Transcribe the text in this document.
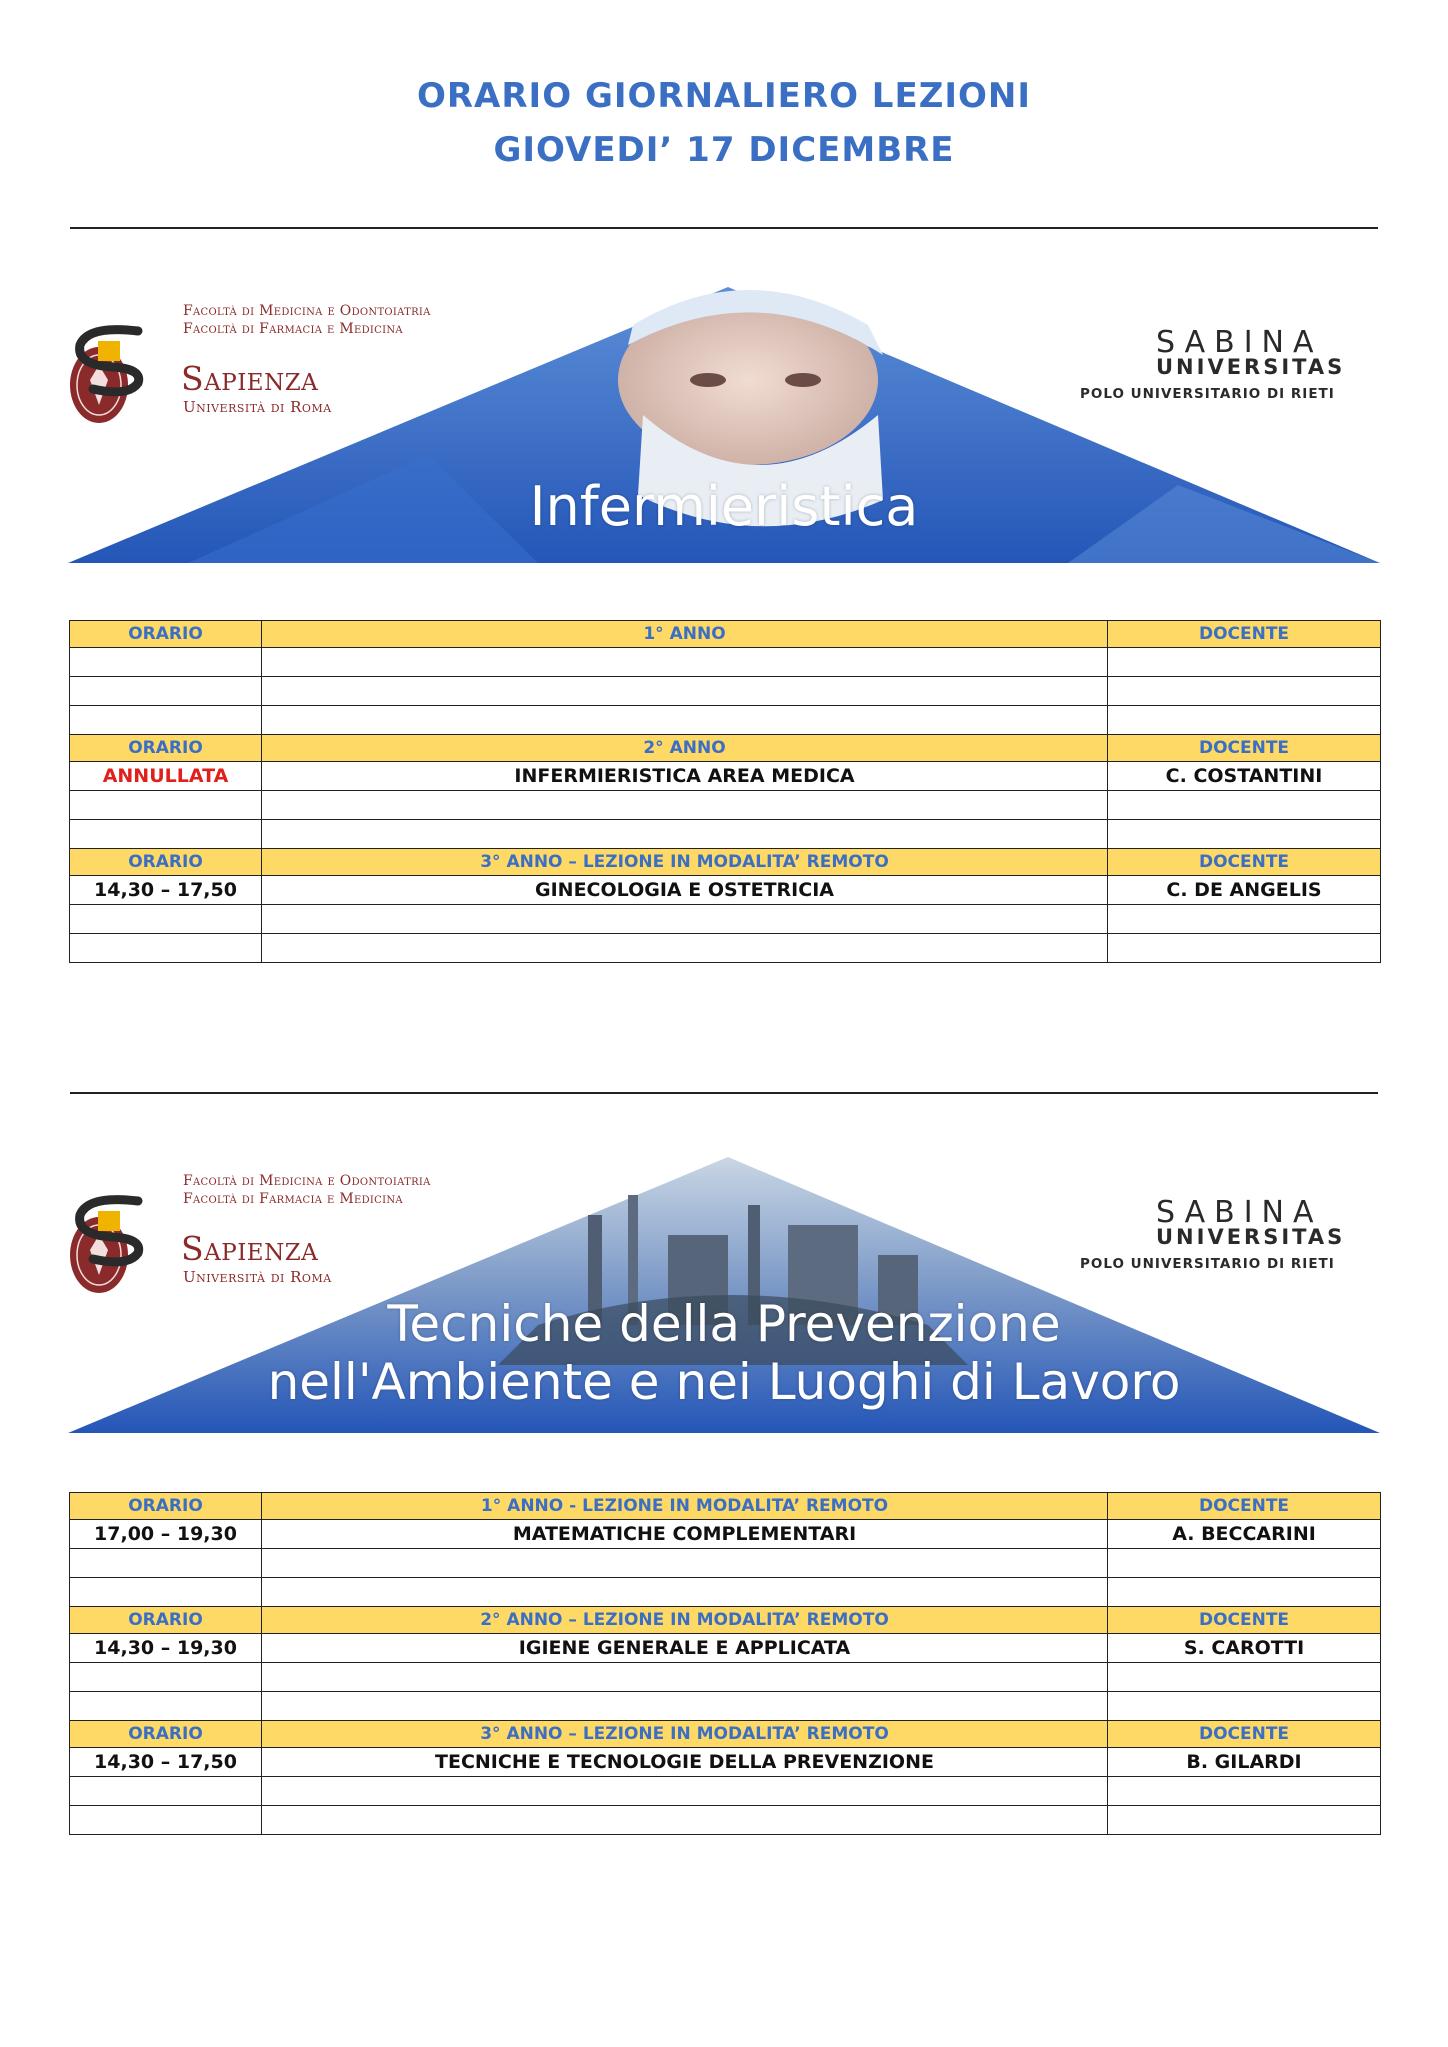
ORARIO GIORNALIERO LEZIONI
GIOVEDI’ 17 DICEMBRE
Facoltà di Medicina e Odontoiatria
Facoltà di Farmacia e Medicina
Sapienza
Università di Roma
SABINA
UNIVERSITAS
POLO UNIVERSITARIO DI RIETI
Infermieristica
ORARIO	1° ANNO	DOCENTE

ORARIO	2° ANNO	DOCENTE
ANNULLATA	INFERMIERISTICA AREA MEDICA	C. COSTANTINI

ORARIO	3° ANNO – LEZIONE IN MODALITA’ REMOTO	DOCENTE
14,30 – 17,50	GINECOLOGIA E OSTETRICIA	C. DE ANGELIS

Facoltà di Medicina e Odontoiatria
Facoltà di Farmacia e Medicina
Sapienza
Università di Roma
SABINA
UNIVERSITAS
POLO UNIVERSITARIO DI RIETI
Tecniche della Prevenzione
nell'Ambiente e nei Luoghi di Lavoro
ORARIO	1° ANNO - LEZIONE IN MODALITA’ REMOTO	DOCENTE
17,00 – 19,30	MATEMATICHE COMPLEMENTARI	A. BECCARINI

ORARIO	2° ANNO – LEZIONE IN MODALITA’ REMOTO	DOCENTE
14,30 – 19,30	IGIENE GENERALE E APPLICATA	S. CAROTTI

ORARIO	3° ANNO – LEZIONE IN MODALITA’ REMOTO	DOCENTE
14,30 – 17,50	TECNICHE E TECNOLOGIE DELLA PREVENZIONE	B. GILARDI
